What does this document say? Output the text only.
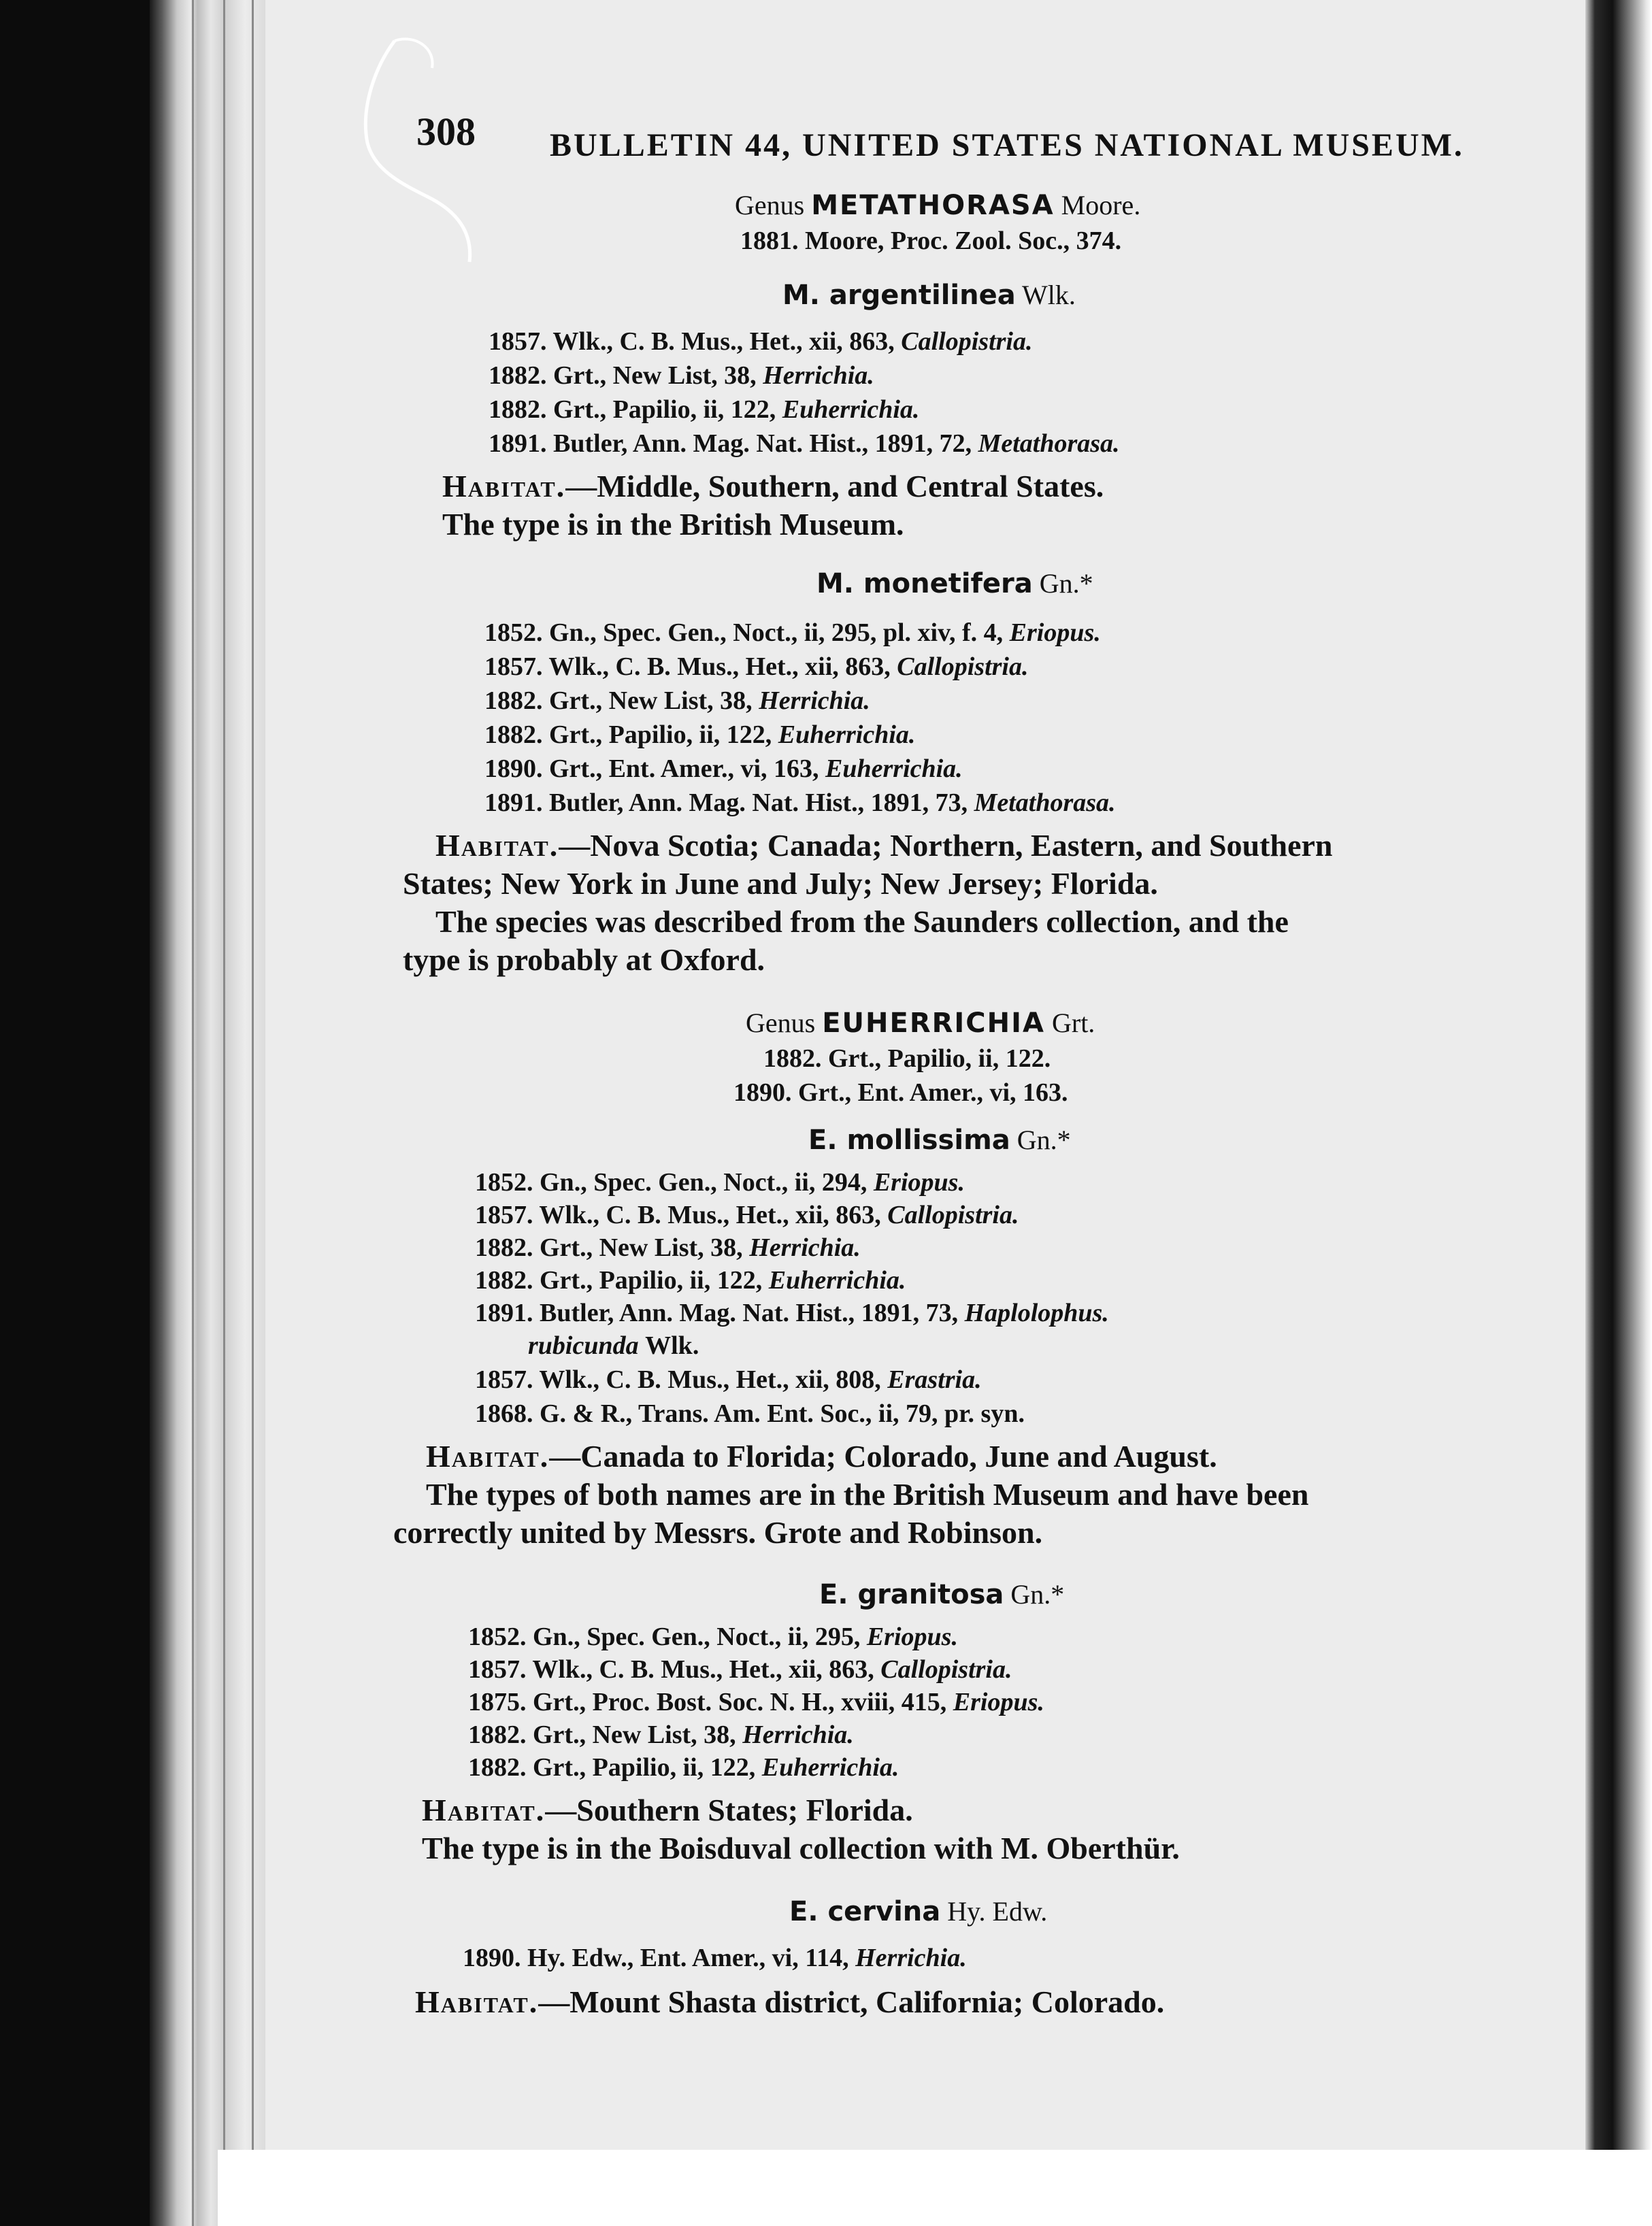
308 BULLETIN 44, UNITED STATES NATIONAL MUSEUM.
Genus METATHORASA Moore.
1881. Moore, Proc. Zool. Soc., 374.
M. argentilinea Wlk.
1857. Wlk., C. B. Mus., Het., xii, 863, Callopistria.
1882. Grt., New List, 38, Herrichia.
1882. Grt., Papilio, ii, 122, Euherrichia.
1891. Butler, Ann. Mag. Nat. Hist., 1891, 72, Metathorasa.
Habitat.—Middle, Southern, and Central States.
The type is in the British Museum.
M. monetifera Gn.*
1852. Gn., Spec. Gen., Noct., ii, 295, pl. xiv, f. 4, Eriopus.
1857. Wlk., C. B. Mus., Het., xii, 863, Callopistria.
1882. Grt., New List, 38, Herrichia.
1882. Grt., Papilio, ii, 122, Euherrichia.
1890. Grt., Ent. Amer., vi, 163, Euherrichia.
1891. Butler, Ann. Mag. Nat. Hist., 1891, 73, Metathorasa.
Habitat.—Nova Scotia; Canada; Northern, Eastern, and Southern
States; New York in June and July; New Jersey; Florida.
The species was described from the Saunders collection, and the
type is probably at Oxford.
Genus EUHERRICHIA Grt.
1882. Grt., Papilio, ii, 122.
1890. Grt., Ent. Amer., vi, 163.
E. mollissima Gn.*
1852. Gn., Spec. Gen., Noct., ii, 294, Eriopus.
1857. Wlk., C. B. Mus., Het., xii, 863, Callopistria.
1882. Grt., New List, 38, Herrichia.
1882. Grt., Papilio, ii, 122, Euherrichia.
1891. Butler, Ann. Mag. Nat. Hist., 1891, 73, Haplolophus.
rubicunda Wlk.
1857. Wlk., C. B. Mus., Het., xii, 808, Erastria.
1868. G. & R., Trans. Am. Ent. Soc., ii, 79, pr. syn.
Habitat.—Canada to Florida; Colorado, June and August.
The types of both names are in the British Museum and have been
correctly united by Messrs. Grote and Robinson.
E. granitosa Gn.*
1852. Gn., Spec. Gen., Noct., ii, 295, Eriopus.
1857. Wlk., C. B. Mus., Het., xii, 863, Callopistria.
1875. Grt., Proc. Bost. Soc. N. H., xviii, 415, Eriopus.
1882. Grt., New List, 38, Herrichia.
1882. Grt., Papilio, ii, 122, Euherrichia.
Habitat.—Southern States; Florida.
The type is in the Boisduval collection with M. Oberthür.
E. cervina Hy. Edw.
1890. Hy. Edw., Ent. Amer., vi, 114, Herrichia.
Habitat.—Mount Shasta district, California; Colorado.
